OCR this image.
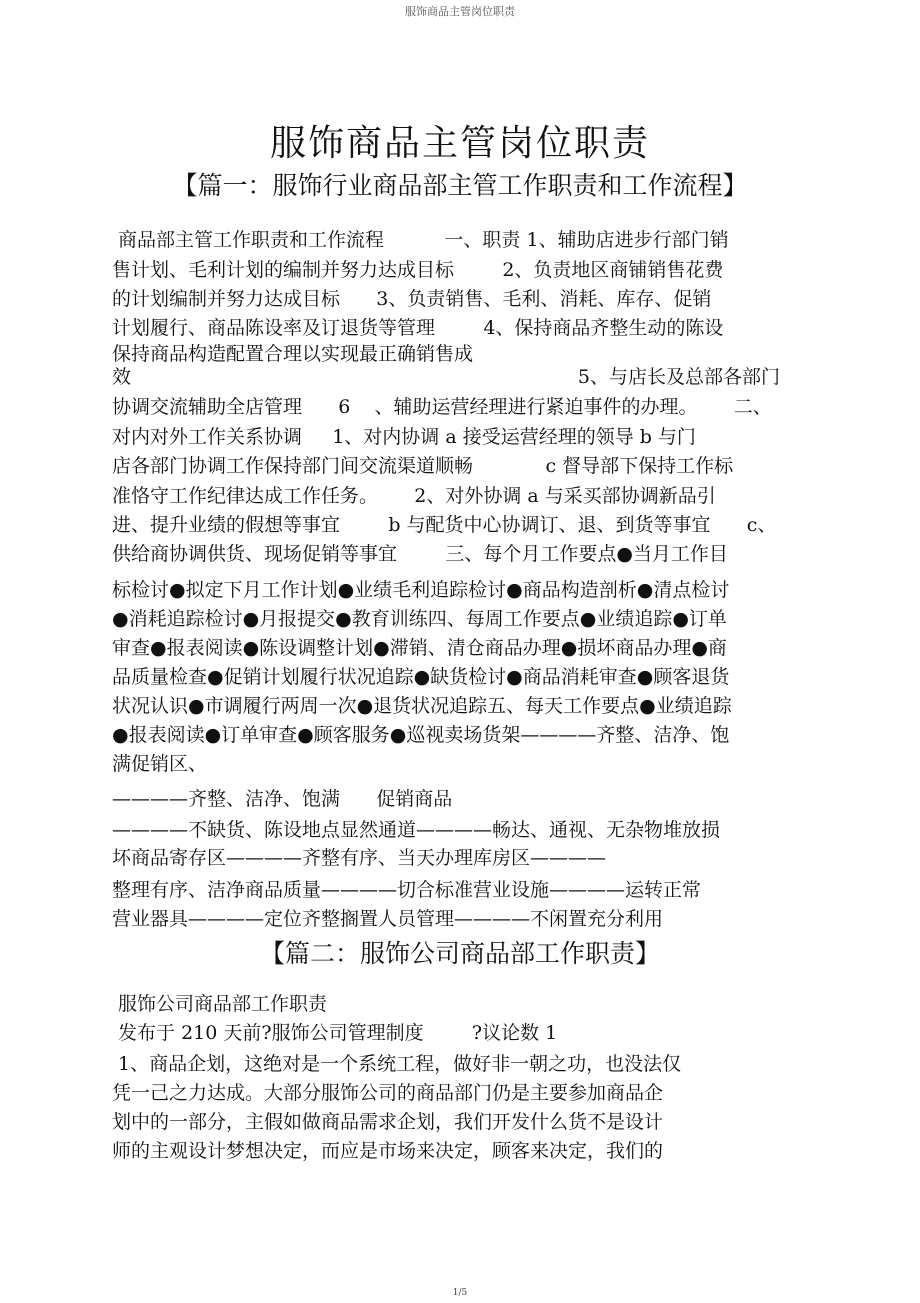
服饰商品主管岗位职责
服饰商品主管岗位职责
【篇一：服饰行业商品部主管工作职责和工作流程】
商品部主管工作职责和工作流程          一、职责 1、辅助店进步行部门销
售计划、毛利计划的编制并努力达成目标        2、负责地区商铺销售花费
的计划编制并努力达成目标      3、负责销售、毛利、消耗、库存、促销
计划履行、商品陈设率及订退货等管理        4、保持商品齐整生动的陈设
保持商品构造配置合理以实现最正确销售成
效                                                                          5、与店长及总部各部门
协调交流辅助全店管理      6    、辅助运营经理进行紧迫事件的办理。      二、
对内对外工作关系协调     1、对内协调 a 接受运营经理的领导 b 与门
店各部门协调工作保持部门间交流渠道顺畅            c 督导部下保持工作标
准恪守工作纪律达成工作任务。      2、对外协调 a 与采买部协调新品引
进、提升业绩的假想等事宜        b 与配货中心协调订、退、到货等事宜      c、
供给商协调供货、现场促销等事宜        三、每个月工作要点●当月工作目
标检讨●拟定下月工作计划●业绩毛利追踪检讨●商品构造剖析●清点检讨
●消耗追踪检讨●月报提交●教育训练四、每周工作要点●业绩追踪●订单
审查●报表阅读●陈设调整计划●滞销、清仓商品办理●损坏商品办理●商
品质量检查●促销计划履行状况追踪●缺货检讨●商品消耗审查●顾客退货
状况认识●市调履行两周一次●退货状况追踪五、每天工作要点●业绩追踪
●报表阅读●订单审查●顾客服务●巡视卖场货架————齐整、洁净、饱
满促销区、
————齐整、洁净、饱满      促销商品
————不缺货、陈设地点显然通道————畅达、通视、无杂物堆放损
坏商品寄存区————齐整有序、当天办理库房区————
整理有序、洁净商品质量————切合标准营业设施————运转正常
营业器具————定位齐整搁置人员管理————不闲置充分利用
【篇二：服饰公司商品部工作职责】
服饰公司商品部工作职责
发布于 210 天前?服饰公司管理制度        ?议论数 1
1、商品企划，这绝对是一个系统工程，做好非一朝之功，也没法仅
凭一己之力达成。大部分服饰公司的商品部门仍是主要参加商品企
划中的一部分，主假如做商品需求企划，我们开发什么货不是设计
师的主观设计梦想决定，而应是市场来决定，顾客来决定，我们的
1/5
